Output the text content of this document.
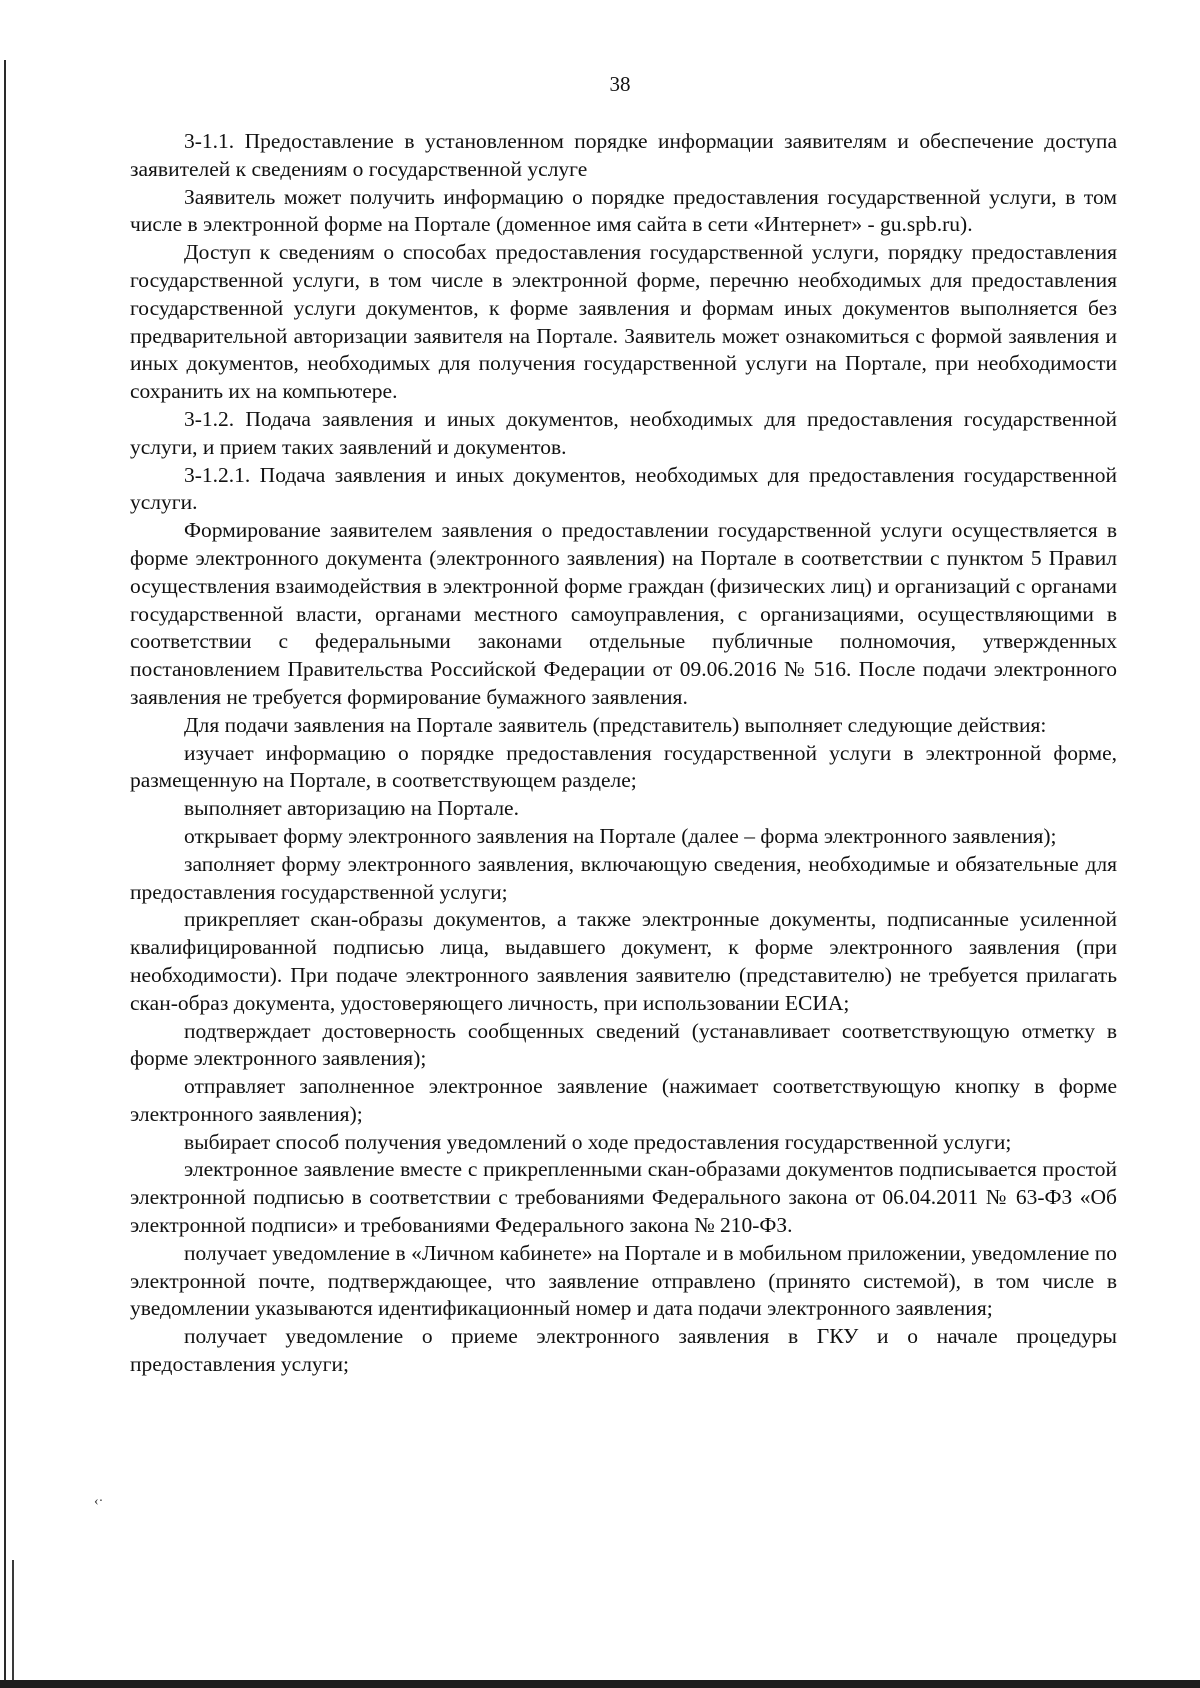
‹·
38

3-1.1. Предоставление в установленном порядке информации заявителям и обеспечение доступа заявителей к сведениям о государственной услуге

Заявитель может получить информацию о порядке предоставления государственной услуги, в том числе в электронной форме на Портале (доменное имя сайта в сети «Интернет» - gu.spb.ru).

Доступ к сведениям о способах предоставления государственной услуги, порядку предоставления государственной услуги, в том числе в электронной форме, перечню необходимых для предоставления государственной услуги документов, к форме заявления и формам иных документов выполняется без предварительной авторизации заявителя на Портале. Заявитель может ознакомиться с формой заявления и иных документов, необходимых для получения государственной услуги на Портале, при необходимости сохранить их на компьютере.

3-1.2. Подача заявления и иных документов, необходимых для предоставления государственной услуги, и прием таких заявлений и документов.

3-1.2.1. Подача заявления и иных документов, необходимых для предоставления государственной услуги.

Формирование заявителем заявления о предоставлении государственной услуги осуществляется в форме электронного документа (электронного заявления) на Портале в соответствии с пунктом 5 Правил осуществления взаимодействия в электронной форме граждан (физических лиц) и организаций с органами государственной власти, органами местного самоуправления, с организациями, осуществляющими в соответствии с федеральными законами отдельные публичные полномочия, утвержденных постановлением Правительства Российской Федерации от 09.06.2016 № 516. После подачи электронного заявления не требуется формирование бумажного заявления.

Для подачи заявления на Портале заявитель (представитель) выполняет следующие действия:

изучает информацию о порядке предоставления государственной услуги в электронной форме, размещенную на Портале, в соответствующем разделе;

выполняет авторизацию на Портале.

открывает форму электронного заявления на Портале (далее – форма электронного заявления);

заполняет форму электронного заявления, включающую сведения, необходимые и обязательные для предоставления государственной услуги;

прикрепляет скан-образы документов, а также электронные документы, подписанные усиленной квалифицированной подписью лица, выдавшего документ, к форме электронного заявления (при необходимости). При подаче электронного заявления заявителю (представителю) не требуется прилагать скан-образ документа, удостоверяющего личность, при использовании ЕСИА;

подтверждает достоверность сообщенных сведений (устанавливает соответствующую отметку в форме электронного заявления);

отправляет заполненное электронное заявление (нажимает соответствующую кнопку в форме электронного заявления);

выбирает способ получения уведомлений о ходе предоставления государственной услуги;

электронное заявление вместе с прикрепленными скан-образами документов подписывается простой электронной подписью в соответствии с требованиями Федерального закона от 06.04.2011 № 63-ФЗ «Об электронной подписи» и требованиями Федерального закона № 210-ФЗ.

получает уведомление в «Личном кабинете» на Портале и в мобильном приложении, уведомление по электронной почте, подтверждающее, что заявление отправлено (принято системой), в том числе в уведомлении указываются идентификационный номер и дата подачи электронного заявления;

получает уведомление о приеме электронного заявления в ГКУ и о начале процедуры предоставления услуги;
